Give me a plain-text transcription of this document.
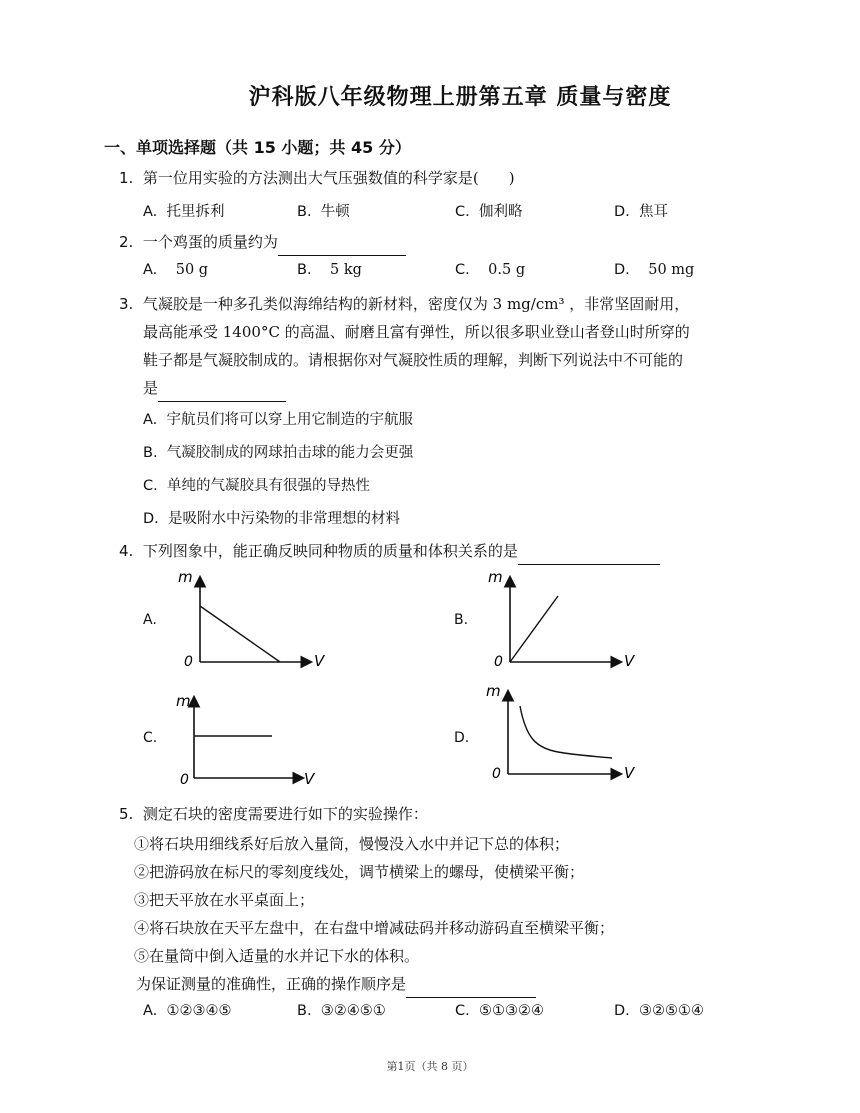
沪科版八年级物理上册第五章 质量与密度
一、单项选择题（共 15 小题；共 45 分）
1. 第一位用实验的方法测出大气压强数值的科学家是(　　)
A. 托里拆利	B. 牛顿	C. 伽利略	D. 焦耳
2. 一个鸡蛋的质量约为
A. 50 g	B. 5 kg	C. 0.5 g	D. 50 mg
3. 气凝胶是一种多孔类似海绵结构的新材料，密度仅为 3 mg/cm³ ，非常坚固耐用，
最高能承受 1400°C 的高温、耐磨且富有弹性，所以很多职业登山者登山时所穿的
鞋子都是气凝胶制成的。请根据你对气凝胶性质的理解，判断下列说法中不可能的
是
A. 宇航员们将可以穿上用它制造的宇航服
B. 气凝胶制成的网球拍击球的能力会更强
C. 单纯的气凝胶具有很强的导热性
D. 是吸附水中污染物的非常理想的材料
4. 下列图象中，能正确反映同种物质的质量和体积关系的是
A.
m
0	V
B.
m
0	V
C.
m
0	V
D.
m
0	V
5. 测定石块的密度需要进行如下的实验操作：
①将石块用细线系好后放入量筒，慢慢没入水中并记下总的体积；
②把游码放在标尺的零刻度线处，调节横梁上的螺母，使横梁平衡；
③把天平放在水平桌面上；
④将石块放在天平左盘中，在右盘中增减砝码并移动游码直至横梁平衡；
⑤在量筒中倒入适量的水并记下水的体积。
为保证测量的准确性，正确的操作顺序是
A. ①②③④⑤	B. ③②④⑤①	C. ⑤①③②④	D. ③②⑤①④
第1页（共 8 页）
